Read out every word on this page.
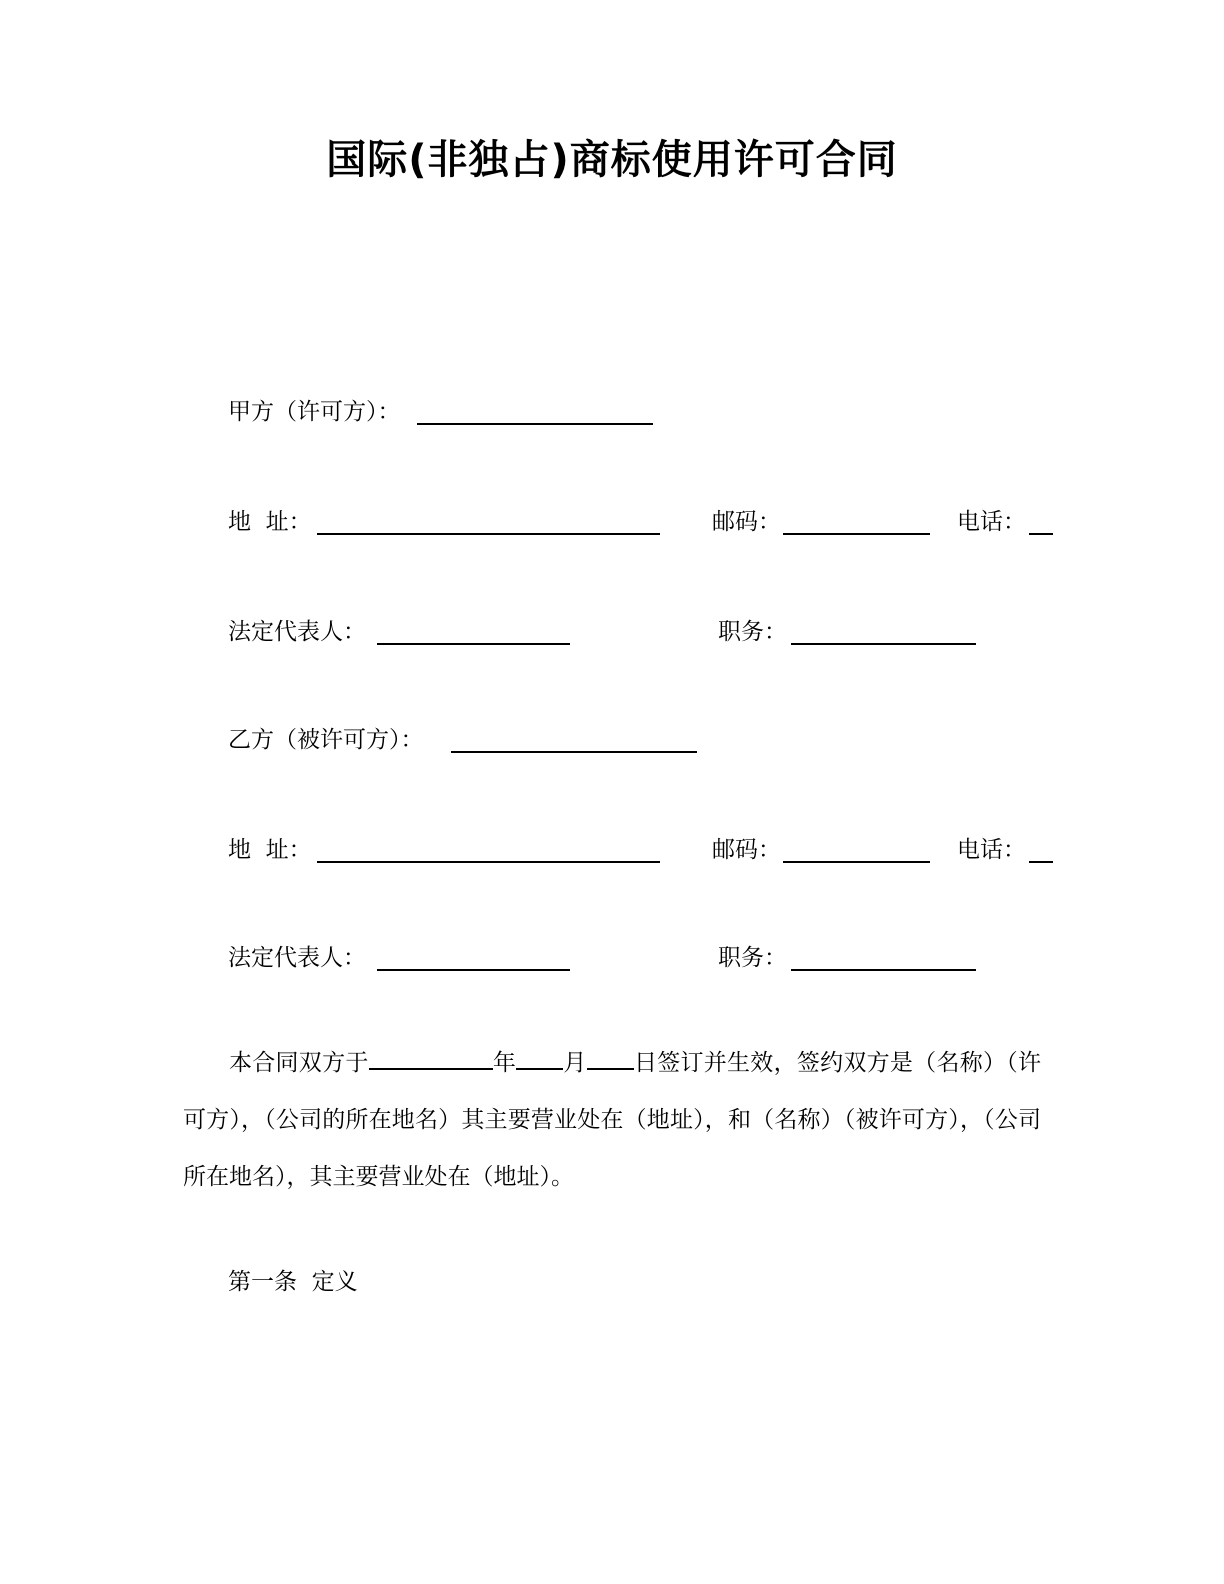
国际(非独占)商标使用许可合同
甲方（许可方）：
地  址：	邮码：	电话：
法定代表人：	职务：
乙方（被许可方）：
地  址：	邮码：	电话：
法定代表人：	职务：
本合同双方于	年 月 日签订并生效，签约双方是（名称）（许可方），（公司的所在地名）其主要营业处在（地址），和（名称）（被许可方），（公司所在地名），其主要营业处在（地址）。
第一条  定义
